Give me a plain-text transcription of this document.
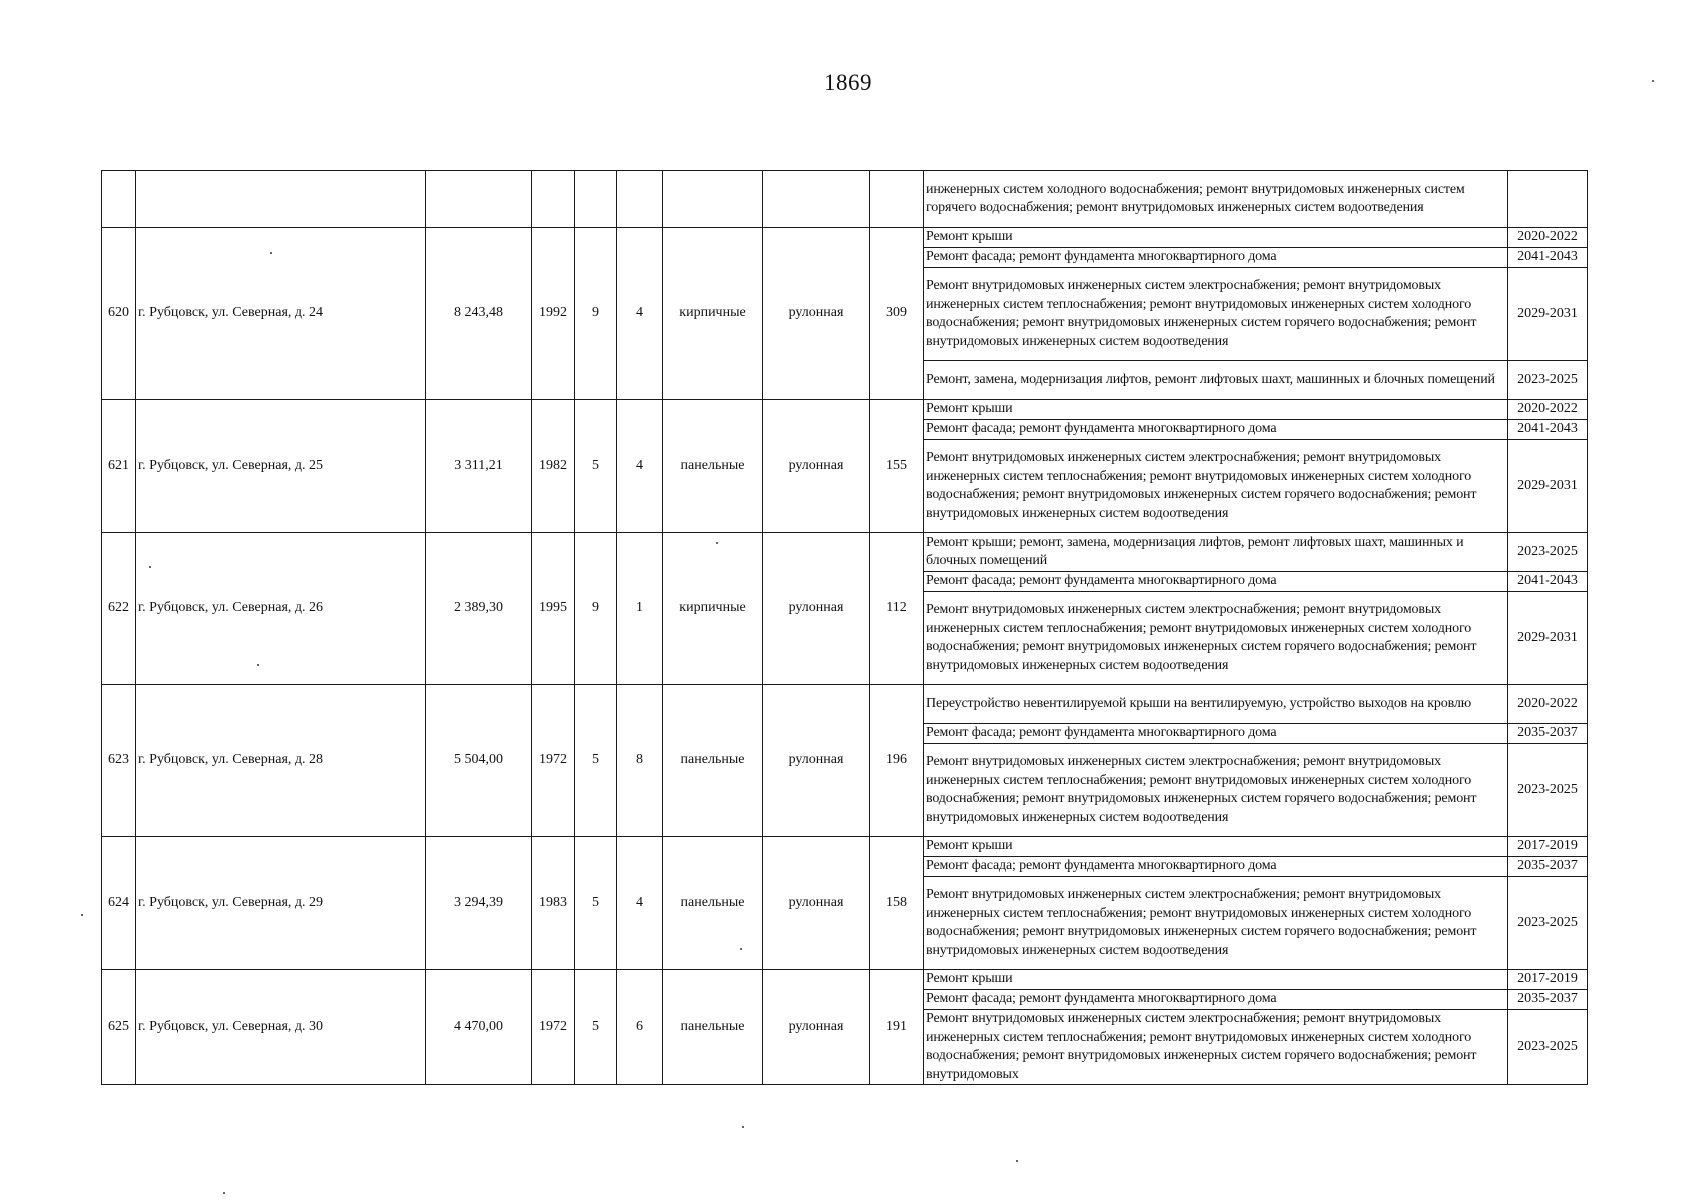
1869
									инженерных систем холодного водоснабжения; ремонт внутридомовых инженерных систем горячего водоснабжения; ремонт внутридомовых инженерных систем водоотведения	
620	г. Рубцовск, ул. Северная, д. 24	8 243,48	1992	9	4	кирпичные	рулонная	309	Ремонт крыши	2020-2022
									Ремонт фасада; ремонт фундамента многоквартирного дома	2041-2043
									Ремонт внутридомовых инженерных систем электроснабжения; ремонт внутридомовых инженерных систем теплоснабжения; ремонт внутридомовых инженерных систем холодного водоснабжения; ремонт внутридомовых инженерных систем горячего водоснабжения; ремонт внутридомовых инженерных систем водоотведения	2029-2031
									Ремонт, замена, модернизация лифтов, ремонт лифтовых шахт, машинных и блочных помещений	2023-2025
621	г. Рубцовск, ул. Северная, д. 25	3 311,21	1982	5	4	панельные	рулонная	155	Ремонт крыши	2020-2022
									Ремонт фасада; ремонт фундамента многоквартирного дома	2041-2043
									Ремонт внутридомовых инженерных систем электроснабжения; ремонт внутридомовых инженерных систем теплоснабжения; ремонт внутридомовых инженерных систем холодного водоснабжения; ремонт внутридомовых инженерных систем горячего водоснабжения; ремонт внутридомовых инженерных систем водоотведения	2029-2031
622	г. Рубцовск, ул. Северная, д. 26	2 389,30	1995	9	1	кирпичные	рулонная	112	Ремонт крыши; ремонт, замена, модернизация лифтов, ремонт лифтовых шахт, машинных и блочных помещений	2023-2025
									Ремонт фасада; ремонт фундамента многоквартирного дома	2041-2043
									Ремонт внутридомовых инженерных систем электроснабжения; ремонт внутридомовых инженерных систем теплоснабжения; ремонт внутридомовых инженерных систем холодного водоснабжения; ремонт внутридомовых инженерных систем горячего водоснабжения; ремонт внутридомовых инженерных систем водоотведения	2029-2031
623	г. Рубцовск, ул. Северная, д. 28	5 504,00	1972	5	8	панельные	рулонная	196	Переустройство невентилируемой крыши на вентилируемую, устройство выходов на кровлю	2020-2022
									Ремонт фасада; ремонт фундамента многоквартирного дома	2035-2037
									Ремонт внутридомовых инженерных систем электроснабжения; ремонт внутридомовых инженерных систем теплоснабжения; ремонт внутридомовых инженерных систем холодного водоснабжения; ремонт внутридомовых инженерных систем горячего водоснабжения; ремонт внутридомовых инженерных систем водоотведения	2023-2025
624	г. Рубцовск, ул. Северная, д. 29	3 294,39	1983	5	4	панельные	рулонная	158	Ремонт крыши	2017-2019
									Ремонт фасада; ремонт фундамента многоквартирного дома	2035-2037
									Ремонт внутридомовых инженерных систем электроснабжения; ремонт внутридомовых инженерных систем теплоснабжения; ремонт внутридомовых инженерных систем холодного водоснабжения; ремонт внутридомовых инженерных систем горячего водоснабжения; ремонт внутридомовых инженерных систем водоотведения	2023-2025
625	г. Рубцовск, ул. Северная, д. 30	4 470,00	1972	5	6	панельные	рулонная	191	Ремонт крыши	2017-2019
									Ремонт фасада; ремонт фундамента многоквартирного дома	2035-2037
									Ремонт внутридомовых инженерных систем электроснабжения; ремонт внутридомовых инженерных систем теплоснабжения; ремонт внутридомовых инженерных систем холодного водоснабжения; ремонт внутридомовых инженерных систем горячего водоснабжения; ремонт внутридомовых	2023-2025
